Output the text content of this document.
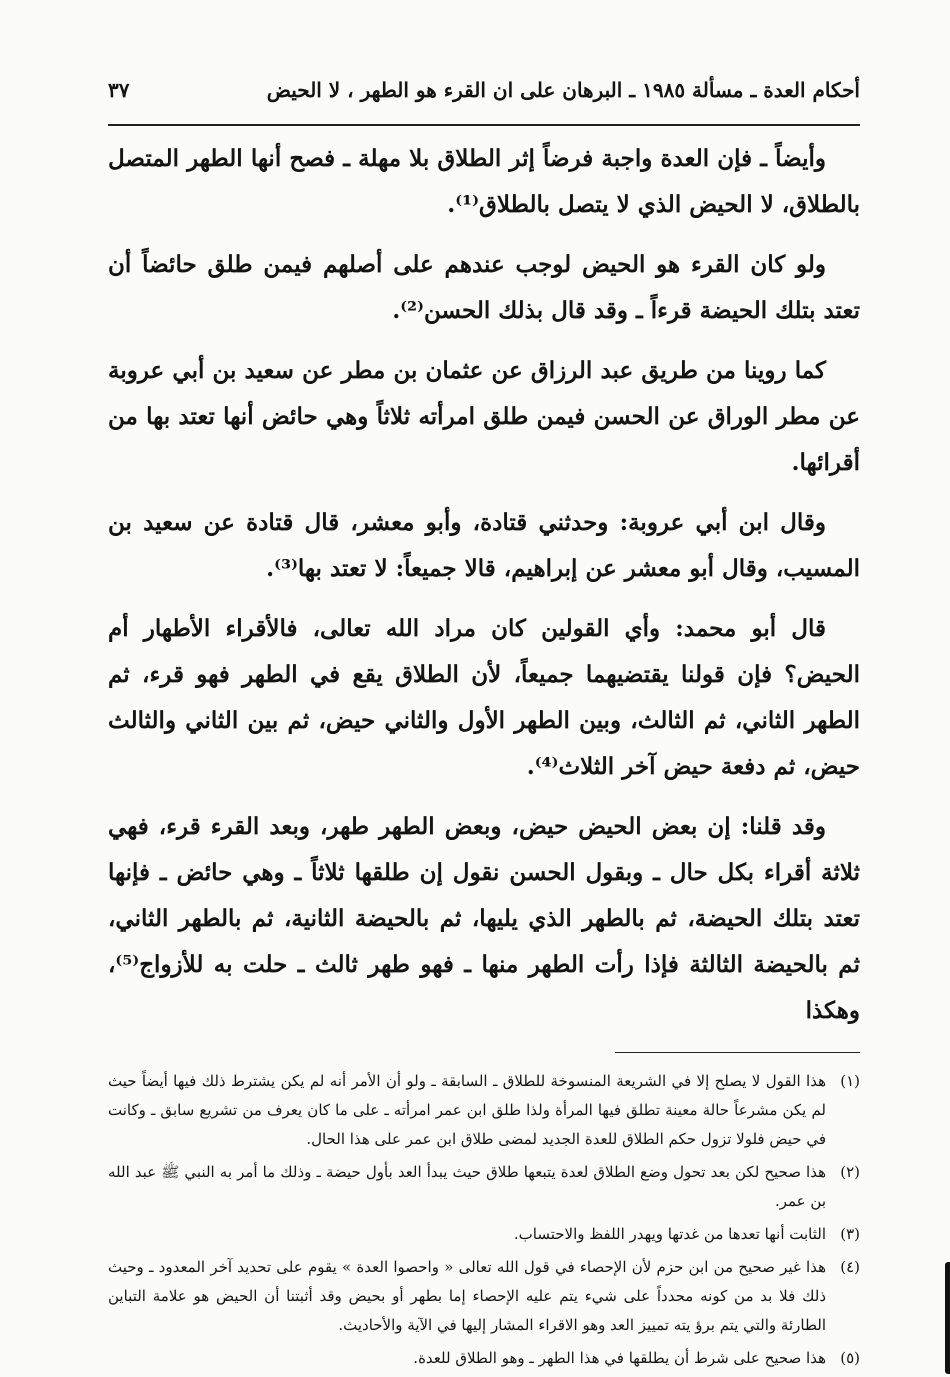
أحكام العدة ـ مسألة ١٩٨٥ ـ البرهان على ان القرء هو الطهر ، لا الحيض
٣٧

وأيضاً ـ فإن العدة واجبة فرضاً إثر الطلاق بلا مهلة ـ فصح أنها الطهر المتصل بالطلاق، لا الحيض الذي لا يتصل بالطلاق⁽¹⁾.

ولو كان القرء هو الحيض لوجب عندهم على أصلهم فيمن طلق حائضاً أن تعتد بتلك الحيضة قرءاً ـ وقد قال بذلك الحسن⁽²⁾.

كما روينا من طريق عبد الرزاق عن عثمان بن مطر عن سعيد بن أبي عروبة عن مطر الوراق عن الحسن فيمن طلق امرأته ثلاثاً وهي حائض أنها تعتد بها من أقرائها.

وقال ابن أبي عروبة: وحدثني قتادة، وأبو معشر، قال قتادة عن سعيد بن المسيب، وقال أبو معشر عن إبراهيم، قالا جميعاً: لا تعتد بها⁽³⁾.

قال أبو محمد: وأي القولين كان مراد الله تعالى، فالأقراء الأطهار أم الحيض؟ فإن قولنا يقتضيهما جميعاً، لأن الطلاق يقع في الطهر فهو قرء، ثم الطهر الثاني، ثم الثالث، وبين الطهر الأول والثاني حيض، ثم بين الثاني والثالث حيض، ثم دفعة حيض آخر الثلاث⁽⁴⁾.

وقد قلنا: إن بعض الحيض حيض، وبعض الطهر طهر، وبعد القرء قرء، فهي ثلاثة أقراء بكل حال ـ وبقول الحسن نقول إن طلقها ثلاثاً ـ وهي حائض ـ فإنها تعتد بتلك الحيضة، ثم بالطهر الذي يليها، ثم بالحيضة الثانية، ثم بالطهر الثاني، ثم بالحيضة الثالثة فإذا رأت الطهر منها ـ فهو طهر ثالث ـ حلت به للأزواج⁽⁵⁾، وهكذا

(١)
هذا القول لا يصلح إلا في الشريعة المنسوخة للطلاق ـ السابقة ـ ولو أن الأمر أنه لم يكن يشترط ذلك فيها أيضاً حيث لم يكن مشرعاً حالة معينة تطلق فيها المرأة ولذا طلق ابن عمر امرأته ـ على ما كان يعرف من تشريع سابق ـ وكانت في حيض فلولا تزول حكم الطلاق للعدة الجديد لمضى طلاق ابن عمر على هذا الحال.
(٢)
هذا صحيح لكن بعد تحول وضع الطلاق لعدة يتبعها طلاق حيث يبدأ العد بأول حيضة ـ وذلك ما أمر به النبي ﷺ عبد الله بن عمر.
(٣)
الثابت أنها تعدها من غدتها ويهدر اللفظ والاحتساب.
(٤)
هذا غير صحيح من ابن حزم لأن الإحصاء في قول الله تعالى « واحصوا العدة » يقوم على تحديد آخر المعدود ـ وحيث ذلك فلا بد من كونه محدداً على شيء يتم عليه الإحصاء إما بطهر أو بحيض وقد أثبتنا أن الحيض هو علامة التباين الطارئة والتي يتم برؤ يته تمييز العد وهو الاقراء المشار إليها في الآية والأحاديث.
(٥)
هذا صحيح على شرط أن يطلقها في هذا الطهر ـ وهو الطلاق للعدة.
